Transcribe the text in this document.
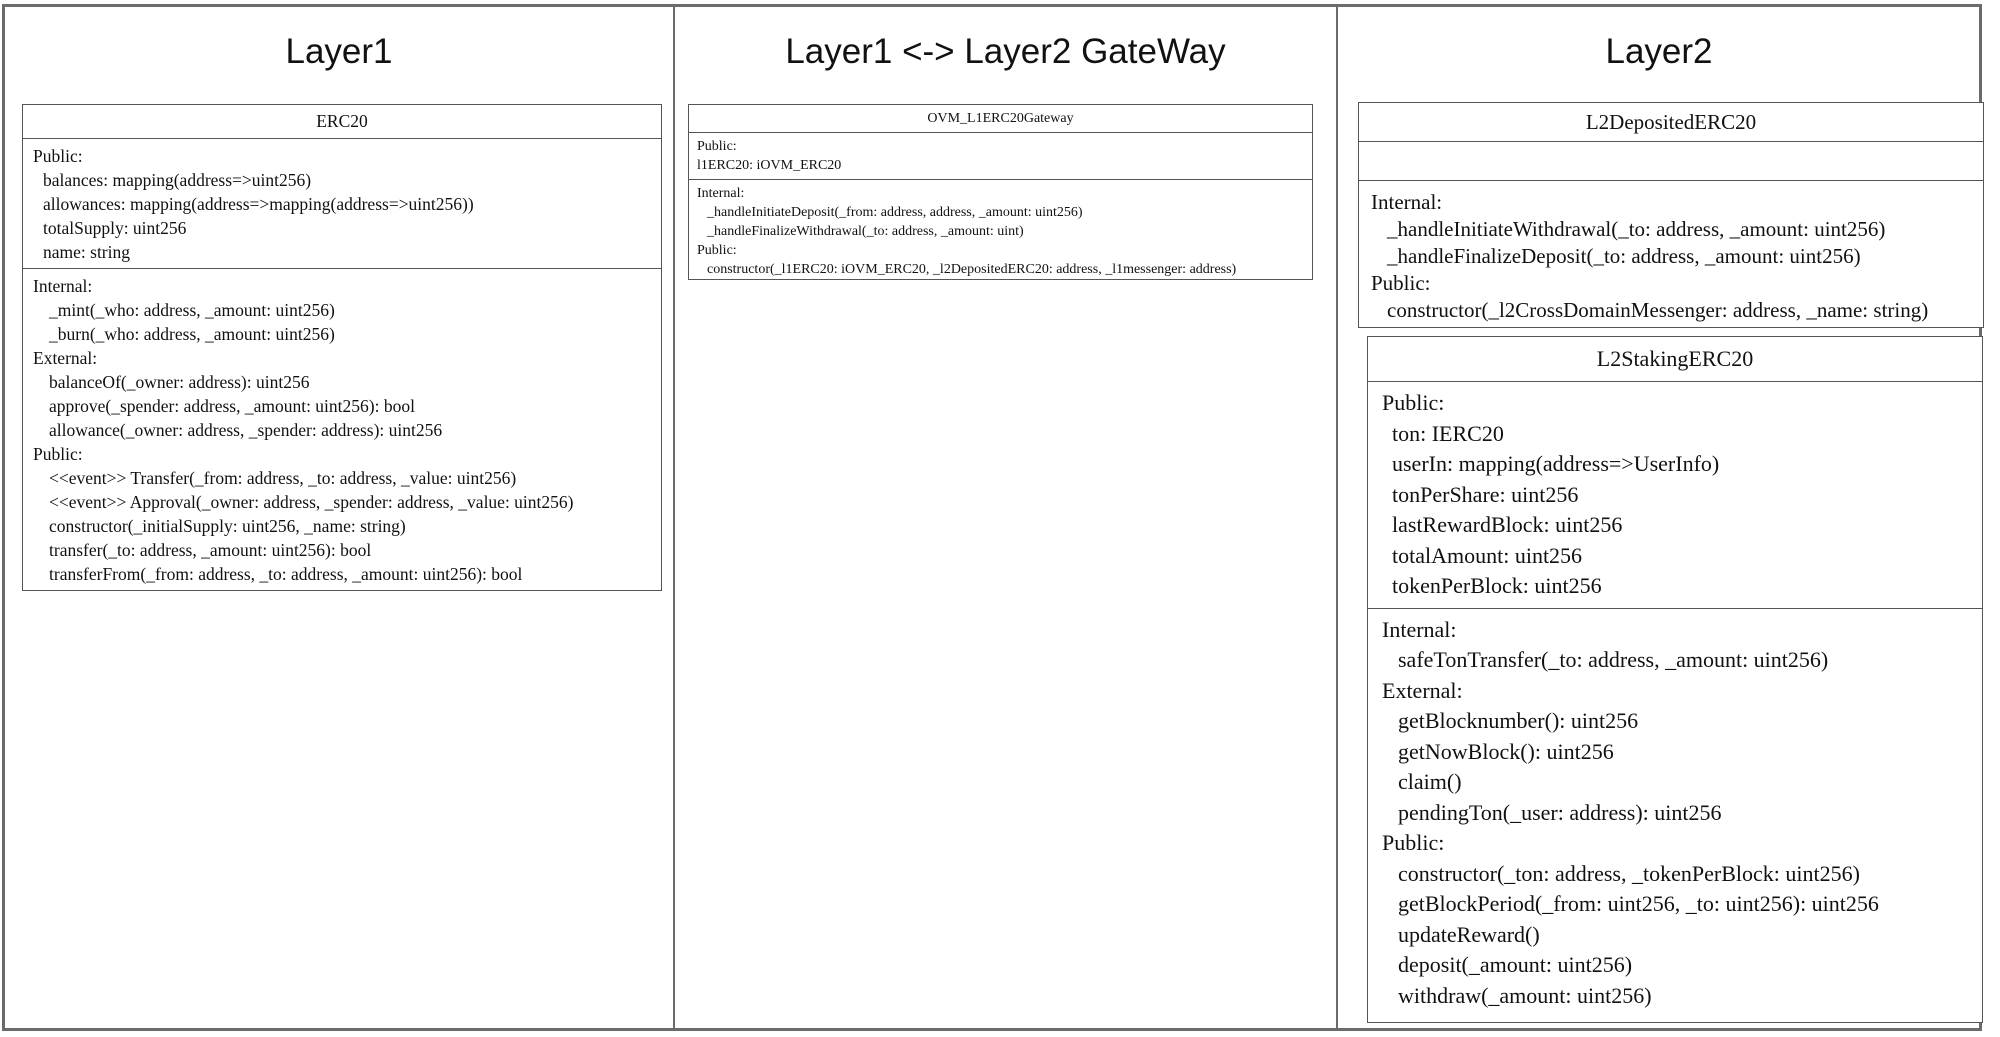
Layer1	Layer1 <-> Layer2 GateWay	Layer2
ERC20
Public:
balances: mapping(address=>uint256)
allowances: mapping(address=>mapping(address=>uint256))
totalSupply: uint256
name: string
Internal:
_mint(_who: address, _amount: uint256)
_burn(_who: address, _amount: uint256)
External:
balanceOf(_owner: address): uint256
approve(_spender: address, _amount: uint256): bool
allowance(_owner: address, _spender: address): uint256
Public:
<<event>> Transfer(_from: address, _to: address, _value: uint256)
<<event>> Approval(_owner: address, _spender: address, _value: uint256)
constructor(_initialSupply: uint256, _name: string)
transfer(_to: address, _amount: uint256): bool
transferFrom(_from: address, _to: address, _amount: uint256): bool
OVM_L1ERC20Gateway
Public:
l1ERC20: iOVM_ERC20
Internal:
_handleInitiateDeposit(_from: address, address, _amount: uint256)
_handleFinalizeWithdrawal(_to: address, _amount: uint)
Public:
constructor(_l1ERC20: iOVM_ERC20, _l2DepositedERC20: address, _l1messenger: address)
L2DepositedERC20
Internal:
_handleInitiateWithdrawal(_to: address, _amount: uint256)
_handleFinalizeDeposit(_to: address, _amount: uint256)
Public:
constructor(_l2CrossDomainMessenger: address, _name: string)
L2StakingERC20
Public:
ton: IERC20
userIn: mapping(address=>UserInfo)
tonPerShare: uint256
lastRewardBlock: uint256
totalAmount: uint256
tokenPerBlock: uint256
Internal:
safeTonTransfer(_to: address, _amount: uint256)
External:
getBlocknumber(): uint256
getNowBlock(): uint256
claim()
pendingTon(_user: address): uint256
Public:
constructor(_ton: address, _tokenPerBlock: uint256)
getBlockPeriod(_from: uint256, _to: uint256): uint256
updateReward()
deposit(_amount: uint256)
withdraw(_amount: uint256)
